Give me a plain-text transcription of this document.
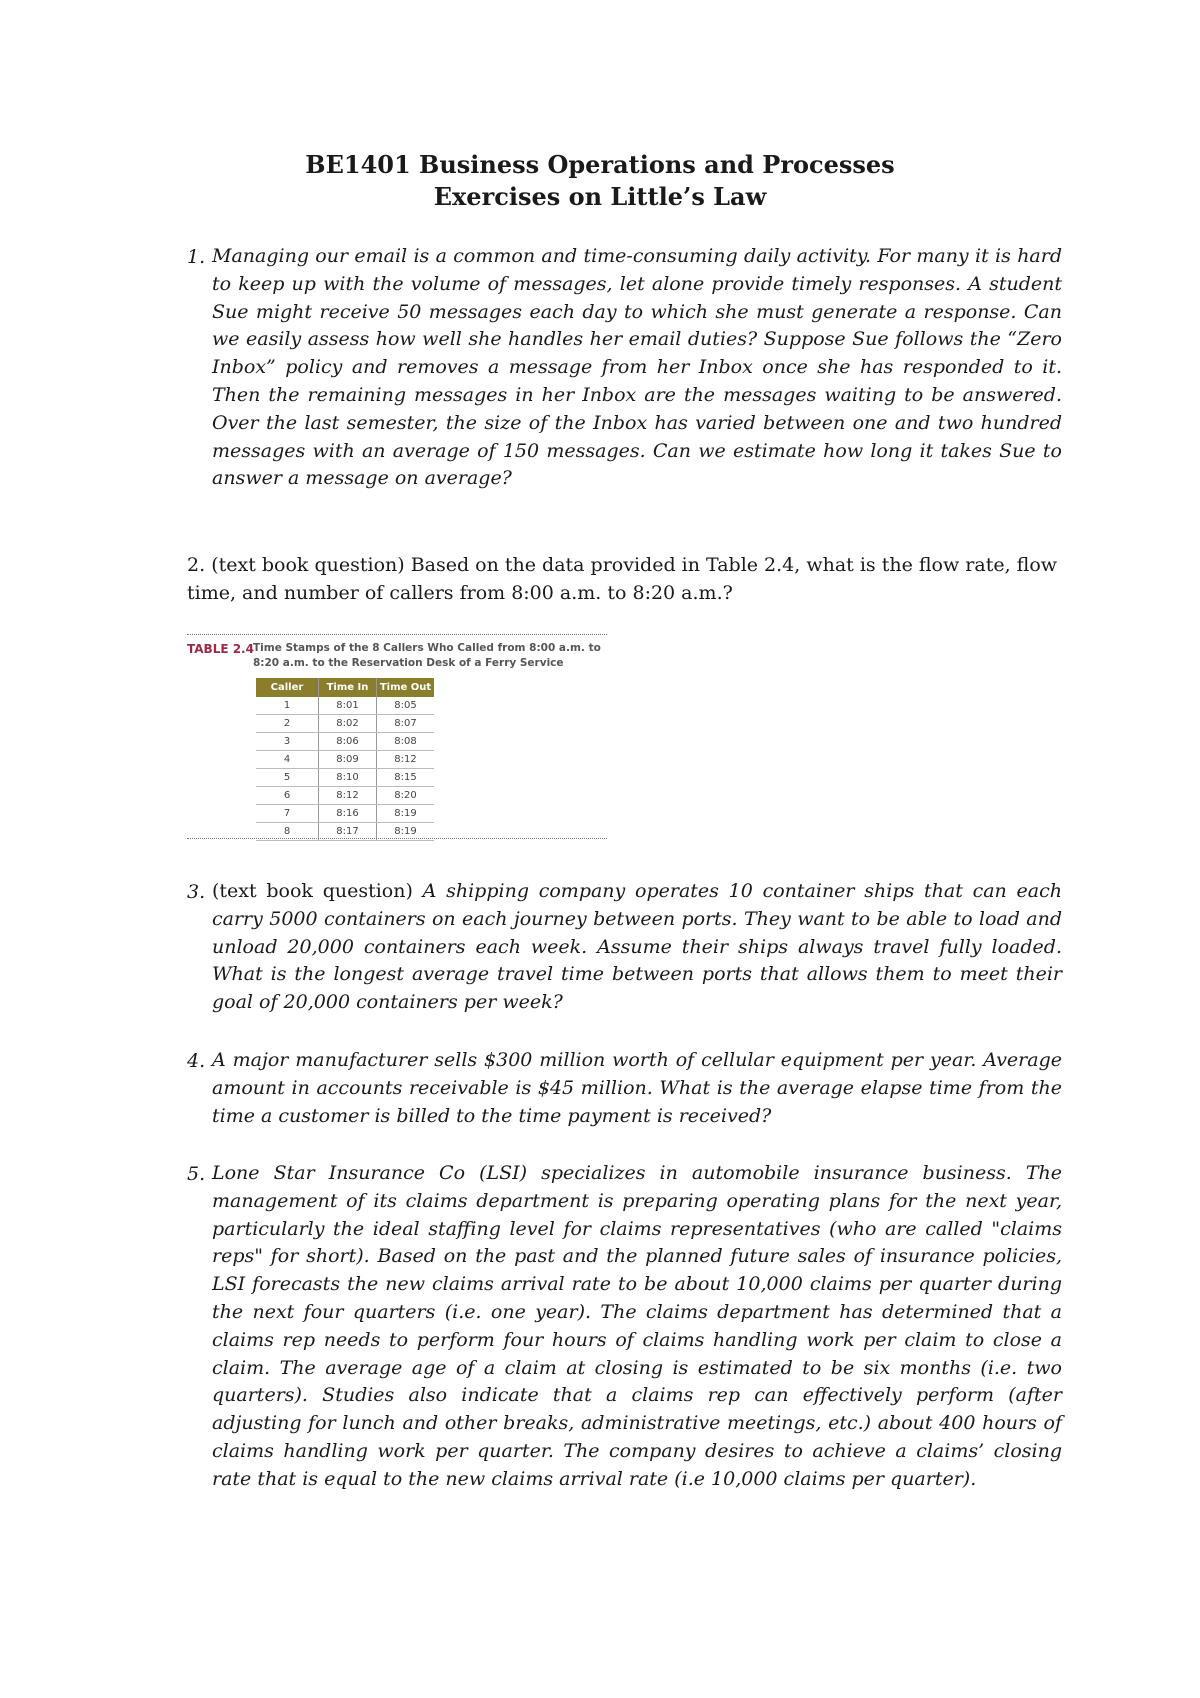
BE1401 Business Operations and Processes
Exercises on Little’s Law
1. Managing our email is a common and time-consuming daily activity. For many it is hard to keep up with the volume of messages, let alone provide timely responses. A student Sue might receive 50 messages each day to which she must generate a response. Can we easily assess how well she handles her email duties? Suppose Sue follows the “Zero Inbox” policy and removes a message from her Inbox once she has responded to it. Then the remaining messages in her Inbox are the messages waiting to be answered. Over the last semester, the size of the Inbox has varied between one and two hundred messages with an average of 150 messages. Can we estimate how long it takes Sue to answer a message on average?
2. (text book question) Based on the data provided in Table 2.4, what is the flow rate, flow time, and number of callers from 8:00 a.m. to 8:20 a.m.?
TABLE 2.4 Time Stamps of the 8 Callers Who Called from 8:00 a.m. to 8:20 a.m. to the Reservation Desk of a Ferry Service
Caller	Time In	Time Out
1	8:01	8:05
2	8:02	8:07
3	8:06	8:08
4	8:09	8:12
5	8:10	8:15
6	8:12	8:20
7	8:16	8:19
8	8:17	8:19
3. (text book question) A shipping company operates 10 container ships that can each carry 5000 containers on each journey between ports. They want to be able to load and unload 20,000 containers each week. Assume their ships always travel fully loaded. What is the longest average travel time between ports that allows them to meet their goal of 20,000 containers per week?
4. A major manufacturer sells $300 million worth of cellular equipment per year. Average amount in accounts receivable is $45 million. What is the average elapse time from the time a customer is billed to the time payment is received?
5. Lone Star Insurance Co (LSI) specializes in automobile insurance business. The management of its claims department is preparing operating plans for the next year, particularly the ideal staffing level for claims representatives (who are called "claims reps" for short). Based on the past and the planned future sales of insurance policies, LSI forecasts the new claims arrival rate to be about 10,000 claims per quarter during the next four quarters (i.e. one year). The claims department has determined that a claims rep needs to perform four hours of claims handling work per claim to close a claim. The average age of a claim at closing is estimated to be six months (i.e. two quarters). Studies also indicate that a claims rep can effectively perform (after adjusting for lunch and other breaks, administrative meetings, etc.) about 400 hours of claims handling work per quarter. The company desires to achieve a claims’ closing rate that is equal to the new claims arrival rate (i.e 10,000 claims per quarter).
